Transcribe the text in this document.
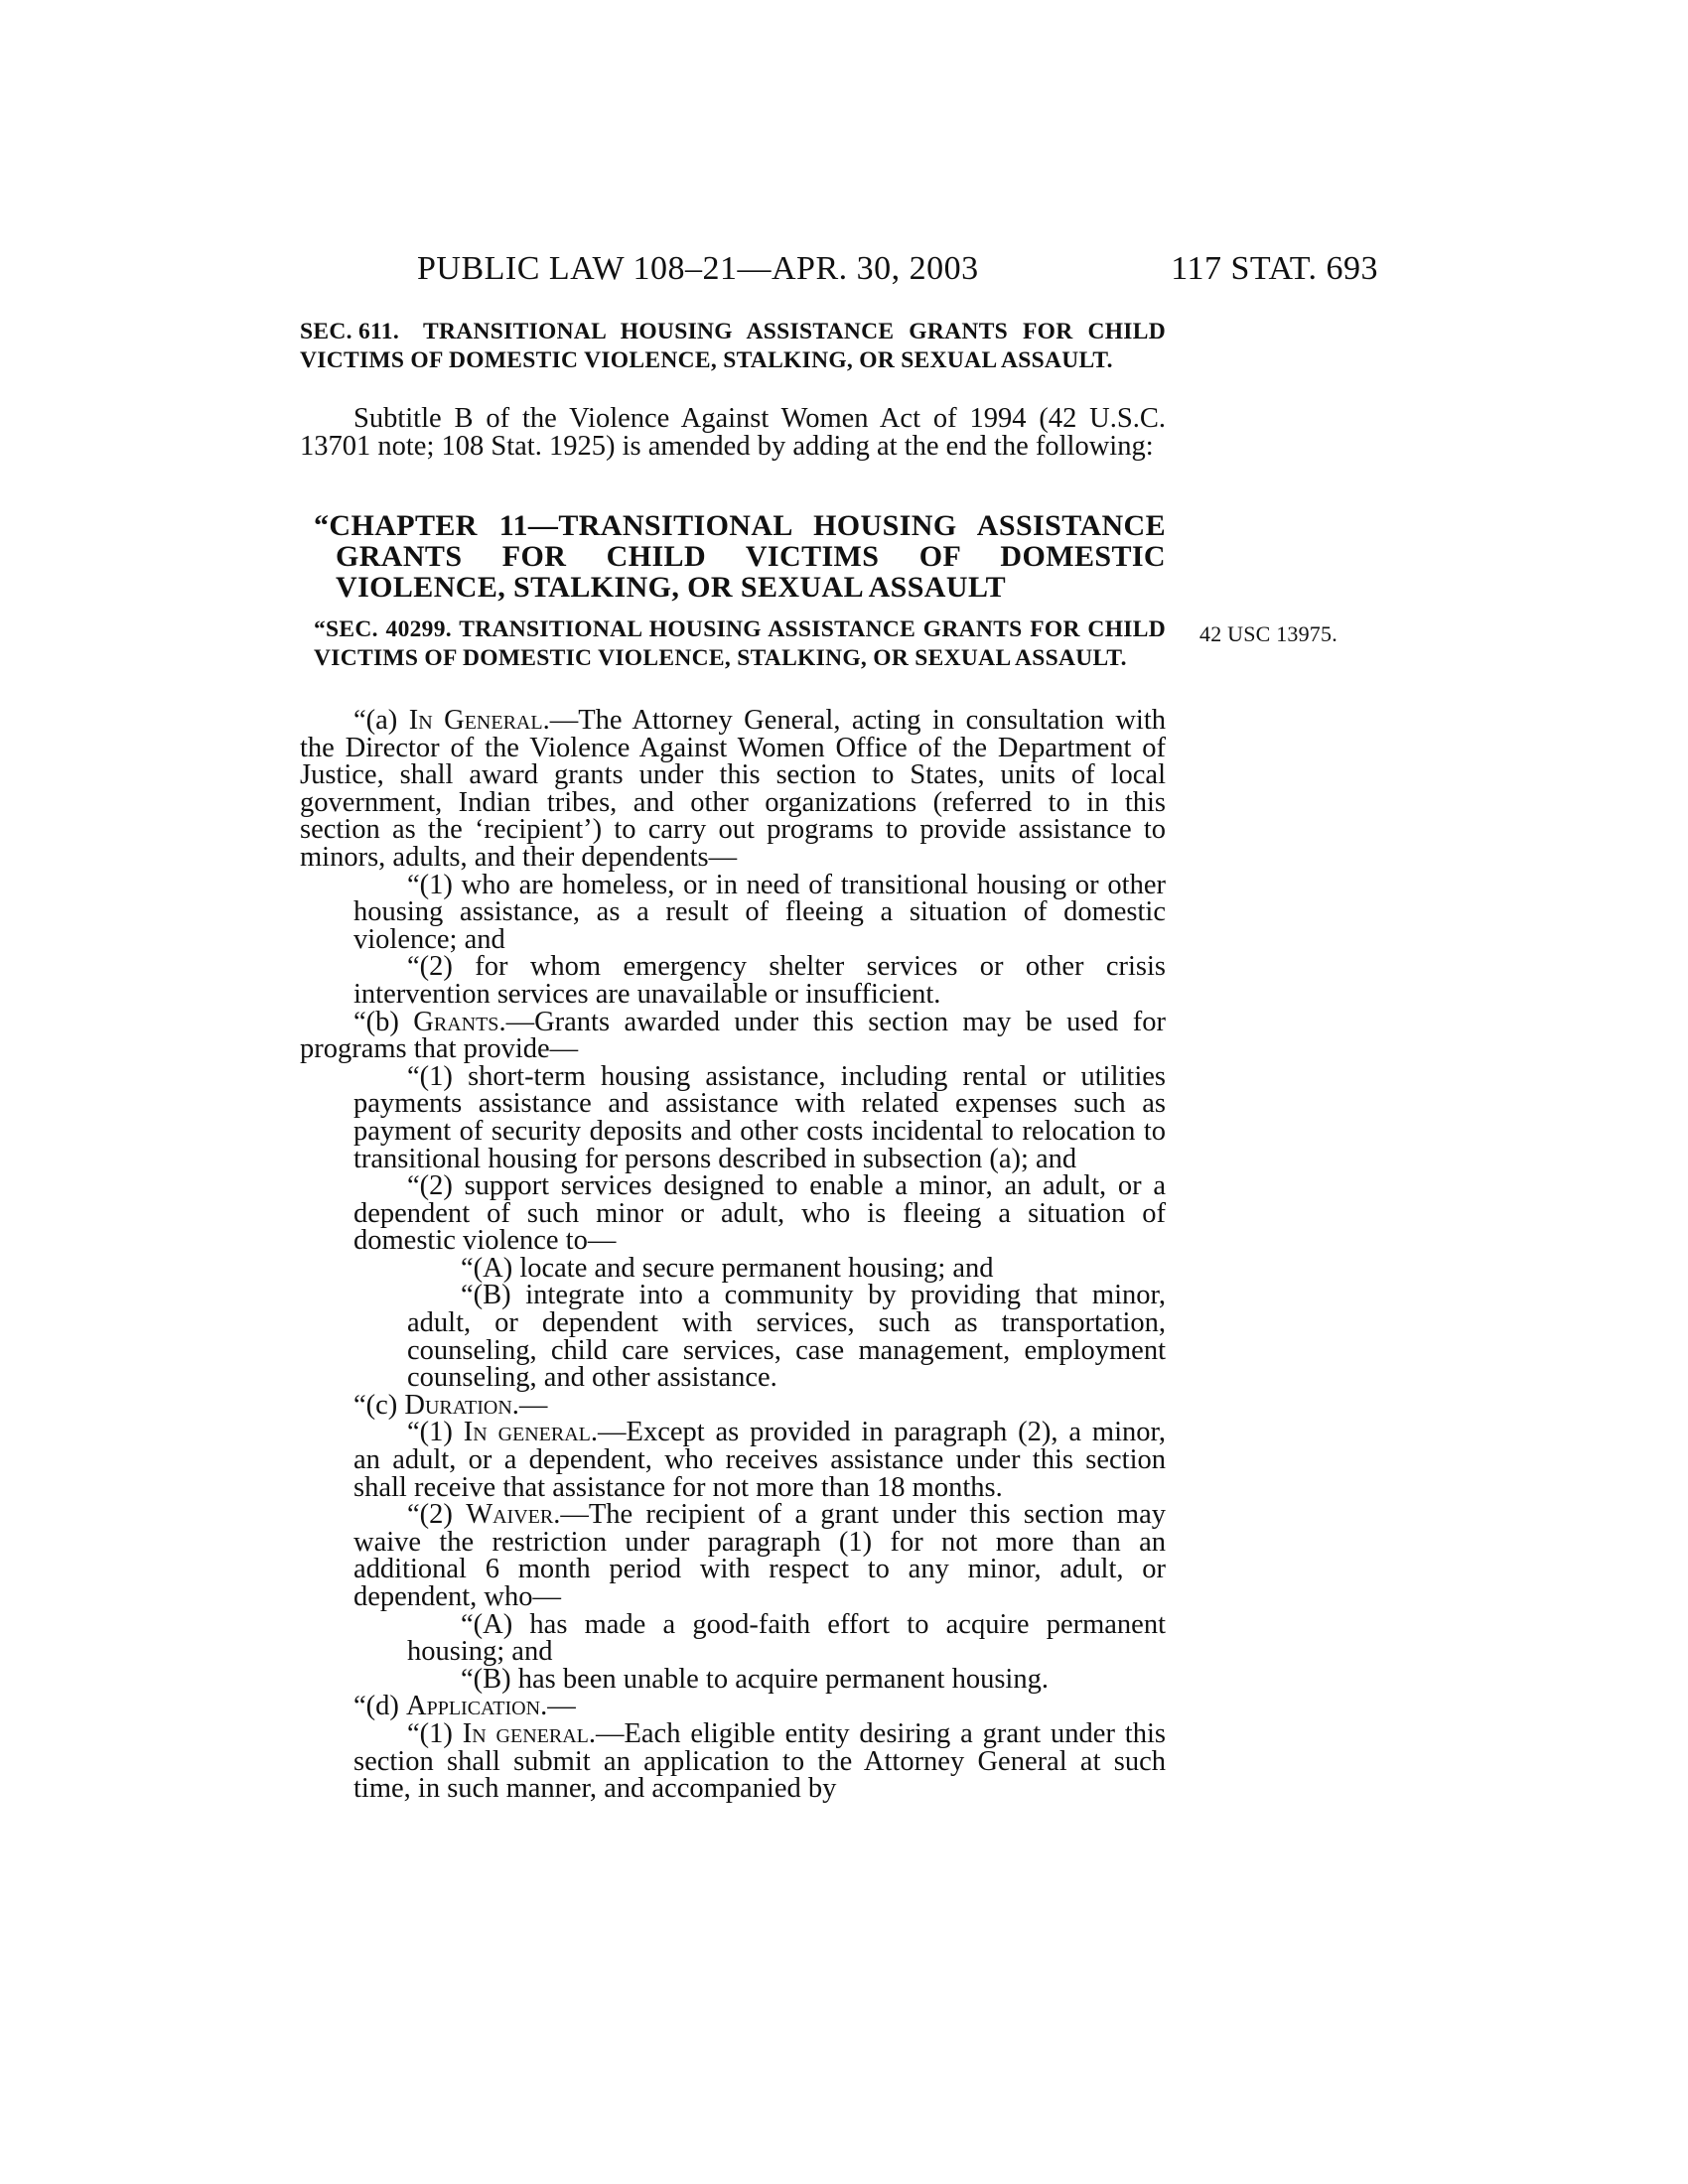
PUBLIC LAW 108–21—APR. 30, 2003	117 STAT. 693
SEC. 611.	TRANSITIONAL HOUSING ASSISTANCE GRANTS FOR CHILD VICTIMS OF DOMESTIC VIOLENCE, STALKING, OR SEXUAL ASSAULT.

Subtitle B of the Violence Against Women Act of 1994 (42 U.S.C. 13701 note; 108 Stat. 1925) is amended by adding at the end the following:

“CHAPTER 11—TRANSITIONAL HOUSING ASSISTANCE GRANTS FOR CHILD VICTIMS OF DOMESTIC VIOLENCE, STALKING, OR SEXUAL ASSAULT
“SEC. 40299. TRANSITIONAL HOUSING ASSISTANCE GRANTS FOR CHILD VICTIMS OF DOMESTIC VIOLENCE, STALKING, OR SEXUAL ASSAULT.
42 USC 13975.

“(a) In General.—The Attorney General, acting in consultation with the Director of the Violence Against Women Office of the Department of Justice, shall award grants under this section to States, units of local government, Indian tribes, and other organizations (referred to in this section as the ‘recipient’) to carry out programs to provide assistance to minors, adults, and their dependents—

“(1) who are homeless, or in need of transitional housing or other housing assistance, as a result of fleeing a situation of domestic violence; and

“(2) for whom emergency shelter services or other crisis intervention services are unavailable or insufficient.

“(b) Grants.—Grants awarded under this section may be used for programs that provide—

“(1) short-term housing assistance, including rental or utilities payments assistance and assistance with related expenses such as payment of security deposits and other costs incidental to relocation to transitional housing for persons described in subsection (a); and

“(2) support services designed to enable a minor, an adult, or a dependent of such minor or adult, who is fleeing a situation of domestic violence to—

“(A) locate and secure permanent housing; and

“(B) integrate into a community by providing that minor, adult, or dependent with services, such as transportation, counseling, child care services, case management, employment counseling, and other assistance.

“(c) Duration.—

“(1) In general.—Except as provided in paragraph (2), a minor, an adult, or a dependent, who receives assistance under this section shall receive that assistance for not more than 18 months.

“(2) Waiver.—The recipient of a grant under this section may waive the restriction under paragraph (1) for not more than an additional 6 month period with respect to any minor, adult, or dependent, who—

“(A) has made a good-faith effort to acquire permanent housing; and

“(B) has been unable to acquire permanent housing.

“(d) Application.—

“(1) In general.—Each eligible entity desiring a grant under this section shall submit an application to the Attorney General at such time, in such manner, and accompanied by
